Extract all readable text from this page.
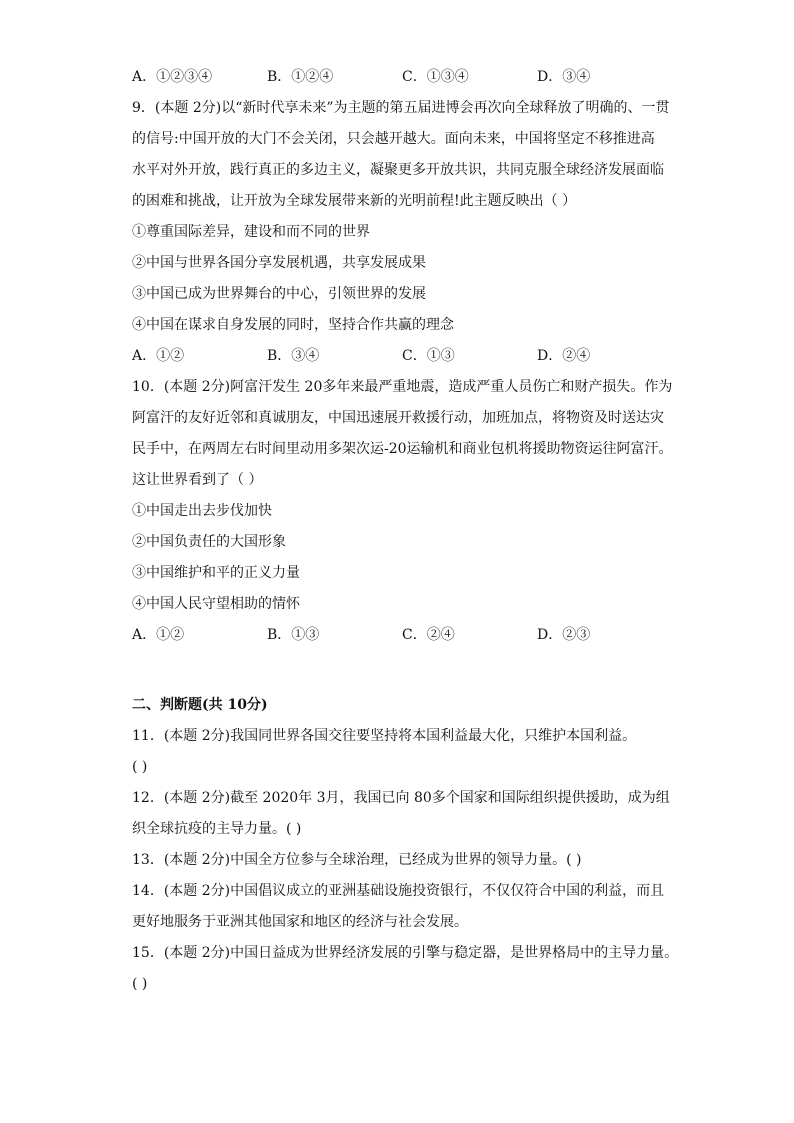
A．①②③④	B．①②④	C．①③④	D．③④
9．(本题 2分)以“新时代享未来”为主题的第五届进博会再次向全球释放了明确的、一贯
的信号:中国开放的大门不会关闭，只会越开越大。面向未来，中国将坚定不移推进高
水平对外开放，践行真正的多边主义，凝聚更多开放共识，共同克服全球经济发展面临
的困难和挑战，让开放为全球发展带来新的光明前程!此主题反映出（ ）
①尊重国际差异，建设和而不同的世界
②中国与世界各国分享发展机遇，共享发展成果
③中国已成为世界舞台的中心，引领世界的发展
④中国在谋求自身发展的同时，坚持合作共赢的理念
A．①②	B．③④	C．①③	D．②④
10．(本题 2分)阿富汗发生 20多年来最严重地震，造成严重人员伤亡和财产损失。作为
阿富汗的友好近邻和真诚朋友，中国迅速展开救援行动，加班加点，将物资及时送达灾
民手中，在两周左右时间里动用多架次运-20运输机和商业包机将援助物资运往阿富汗。
这让世界看到了（ ）
①中国走出去步伐加快
②中国负责任的大国形象
③中国维护和平的正义力量
④中国人民守望相助的情怀
A．①②	B．①③	C．②④	D．②③
二、判断题(共 10分)
11．(本题 2分)我国同世界各国交往要坚持将本国利益最大化，只维护本国利益。
( )
12．(本题 2分)截至 2020年 3月，我国已向 80多个国家和国际组织提供援助，成为组
织全球抗疫的主导力量。( )
13．(本题 2分)中国全方位参与全球治理，已经成为世界的领导力量。( )
14．(本题 2分)中国倡议成立的亚洲基础设施投资银行，不仅仅符合中国的利益，而且
更好地服务于亚洲其他国家和地区的经济与社会发展。
15．(本题 2分)中国日益成为世界经济发展的引擎与稳定器，是世界格局中的主导力量。
( )
